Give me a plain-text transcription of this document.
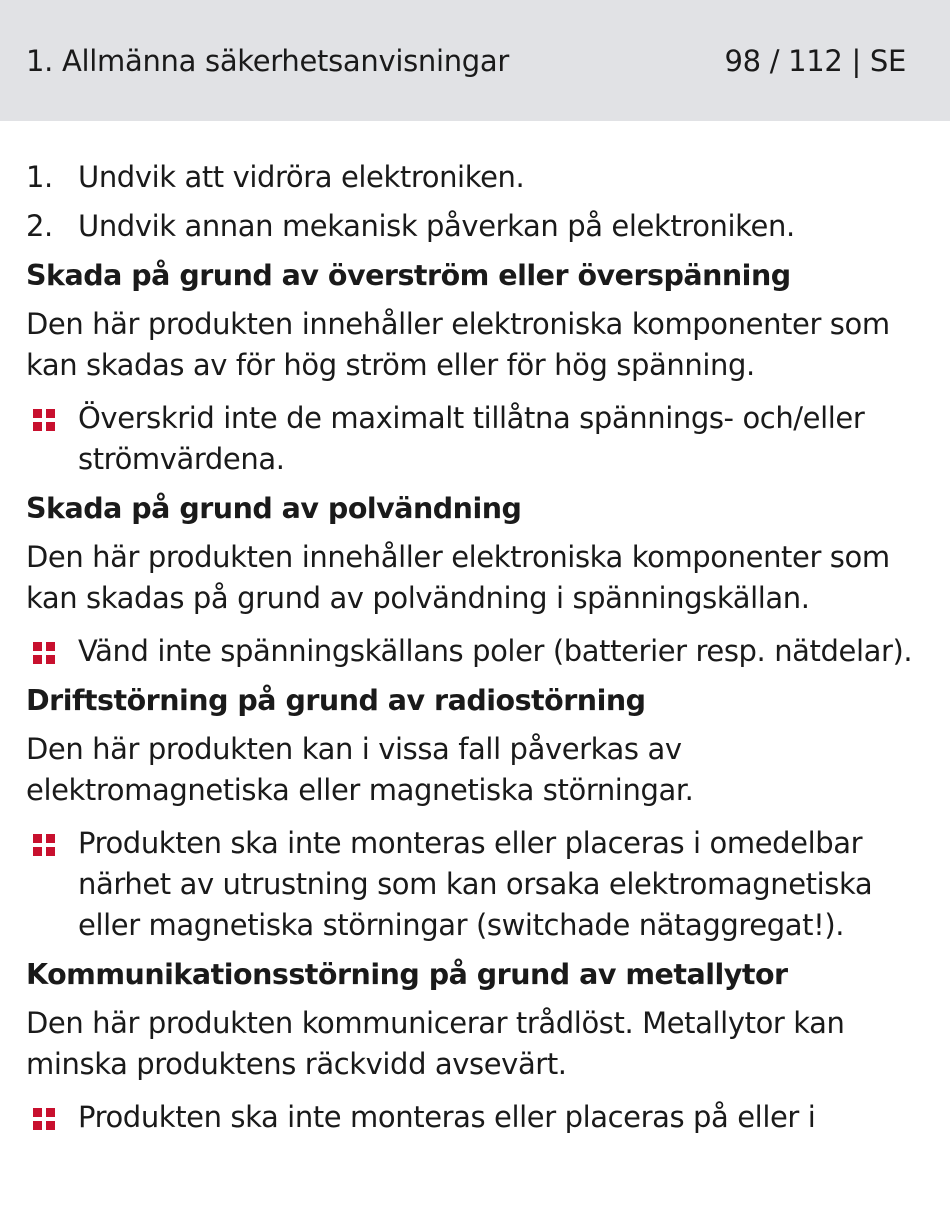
1. Allmänna säkerhetsanvisningar	98 / 112 | SE
1. Undvik att vidröra elektroniken.
2. Undvik annan mekanisk påverkan på elektroniken.
Skada på grund av överström eller överspänning
Den här produkten innehåller elektroniska komponenter som kan skadas av för hög ström eller för hög spänning.
Överskrid inte de maximalt tillåtna spännings- och/eller strömvärdena.
Skada på grund av polvändning
Den här produkten innehåller elektroniska komponenter som kan skadas på grund av polvändning i spänningskällan.
Vänd inte spänningskällans poler (batterier resp. nätdelar).
Driftstörning på grund av radiostörning
Den här produkten kan i vissa fall påverkas av elektromagnetiska eller magnetiska störningar.
Produkten ska inte monteras eller placeras i omedelbar närhet av utrustning som kan orsaka elektromagnetiska eller magnetiska störningar (switchade nätaggregat!).
Kommunikationsstörning på grund av metallytor
Den här produkten kommunicerar trådlöst. Metallytor kan minska produktens räckvidd avsevärt.
Produkten ska inte monteras eller placeras på eller i
